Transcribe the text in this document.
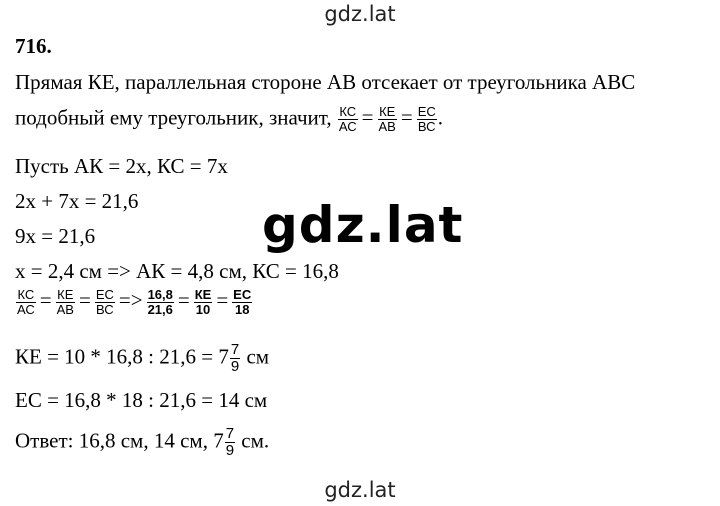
gdz.lat
716.
Прямая КЕ, параллельная стороне АВ отсекает от треугольника АВС
подобный ему треугольник, значит, $\frac{КС}{АС} = \frac{КЕ}{АВ} = \frac{ЕС}{ВС}$ .
Пусть АК = 2х, КС = 7х
2х + 7х = 21,6
9х = 21,6
х = 2,4 см => АК = 4,8 см, КС = 16,8
gdz.lat
$\frac{КС}{АС} = \frac{КЕ}{АВ} = \frac{ЕС}{ВС} => \frac{16,8}{21,6} = \frac{КЕ}{10} = \frac{ЕС}{18}$
КЕ = 10 * 16,8 : $21,6 = 7 \frac{7}{9}$ см
ЕС = 16,8 * 18 : 21,6 = 14 см
Ответ: 16,8 см, 14 см, $7 \frac{7}{9}$ см.
gdz.lat
